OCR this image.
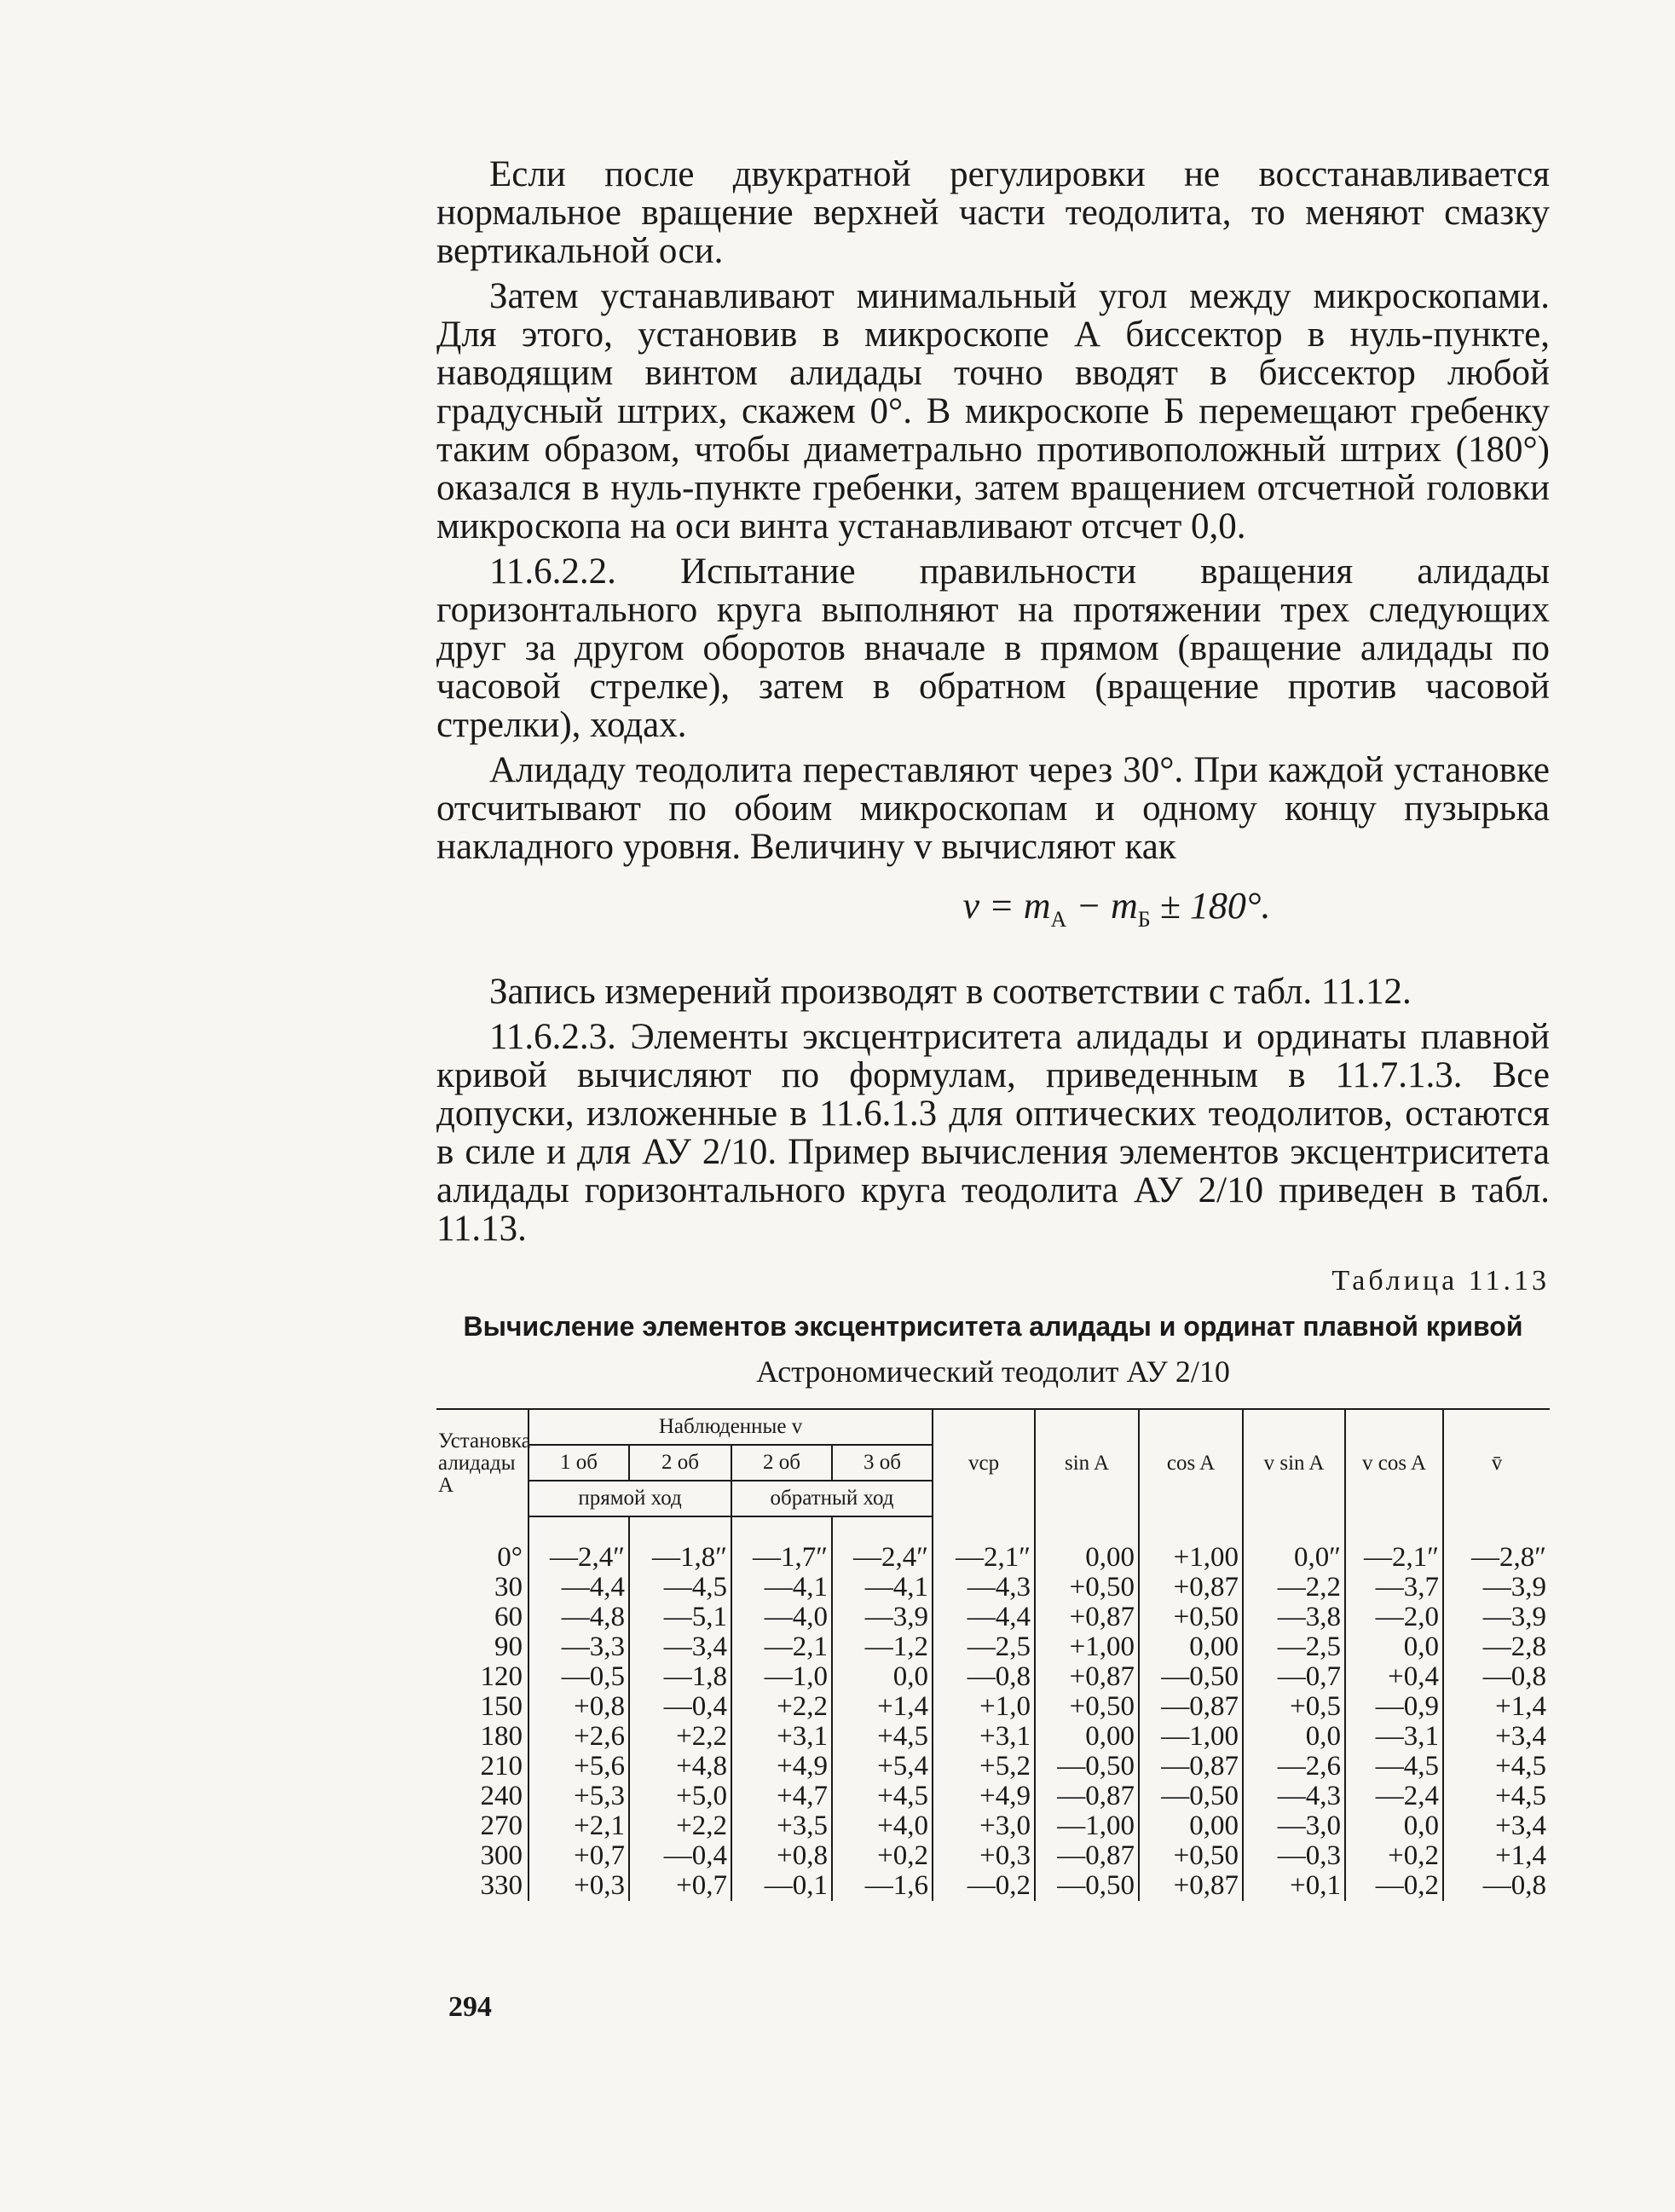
Если после двукратной регулировки не восстанавливается нормальное вращение верхней части теодолита, то меняют смазку вертикальной оси.

Затем устанавливают минимальный угол между микроскопами. Для этого, установив в микроскопе А биссектор в нуль-пункте, наводящим винтом алидады точно вводят в биссектор любой градусный штрих, скажем 0°. В микроскопе Б перемещают гребенку таким образом, чтобы диаметрально противоположный штрих (180°) оказался в нуль-пункте гребенки, затем вращением отсчетной головки микроскопа на оси винта устанавливают отсчет 0,0.

11.6.2.2. Испытание правильности вращения алидады горизонтального круга выполняют на протяжении трех следующих друг за другом оборотов вначале в прямом (вращение алидады по часовой стрелке), затем в обратном (вращение против часовой стрелки), ходах.

Алидаду теодолита переставляют через 30°. При каждой установке отсчитывают по обоим микроскопам и одному концу пузырька накладного уровня. Величину v вычисляют как

$v = m_А - m_Б \pm 180^\circ$.

Запись измерений производят в соответствии с табл. 11.12.

11.6.2.3. Элементы эксцентриситета алидады и ординаты плавной кривой вычисляют по формулам, приведенным в 11.7.1.3. Все допуски, изложенные в 11.6.1.3 для оптических теодолитов, остаются в силе и для АУ 2/10. Пример вычисления элементов эксцентриситета алидады горизонтального круга теодолита АУ 2/10 приведен в табл. 11.13.

Таблица 11.13
Вычисление элементов эксцентриситета алидады и ординат плавной кривой
Астрономический теодолит АУ 2/10
Установка алидады А	Наблюденные v				vср	sin A	cos A	v sin A	v cos A	v̄
	1 об	2 об	2 об	3 об						
	прямой ход		обратный ход							

0°	—2,4″	—1,8″	—1,7″	—2,4″	—2,1″	0,00	+1,00	0,0″	—2,1″	—2,8″
30	—4,4	—4,5	—4,1	—4,1	—4,3	+0,50	+0,87	—2,2	—3,7	—3,9
60	—4,8	—5,1	—4,0	—3,9	—4,4	+0,87	+0,50	—3,8	—2,0	—3,9
90	—3,3	—3,4	—2,1	—1,2	—2,5	+1,00	0,00	—2,5	0,0	—2,8
120	—0,5	—1,8	—1,0	0,0	—0,8	+0,87	—0,50	—0,7	+0,4	—0,8
150	+0,8	—0,4	+2,2	+1,4	+1,0	+0,50	—0,87	+0,5	—0,9	+1,4
180	+2,6	+2,2	+3,1	+4,5	+3,1	0,00	—1,00	0,0	—3,1	+3,4
210	+5,6	+4,8	+4,9	+5,4	+5,2	—0,50	—0,87	—2,6	—4,5	+4,5
240	+5,3	+5,0	+4,7	+4,5	+4,9	—0,87	—0,50	—4,3	—2,4	+4,5
270	+2,1	+2,2	+3,5	+4,0	+3,0	—1,00	0,00	—3,0	0,0	+3,4
300	+0,7	—0,4	+0,8	+0,2	+0,3	—0,87	+0,50	—0,3	+0,2	+1,4
330	+0,3	+0,7	—0,1	—1,6	—0,2	—0,50	+0,87	+0,1	—0,2	—0,8
294
